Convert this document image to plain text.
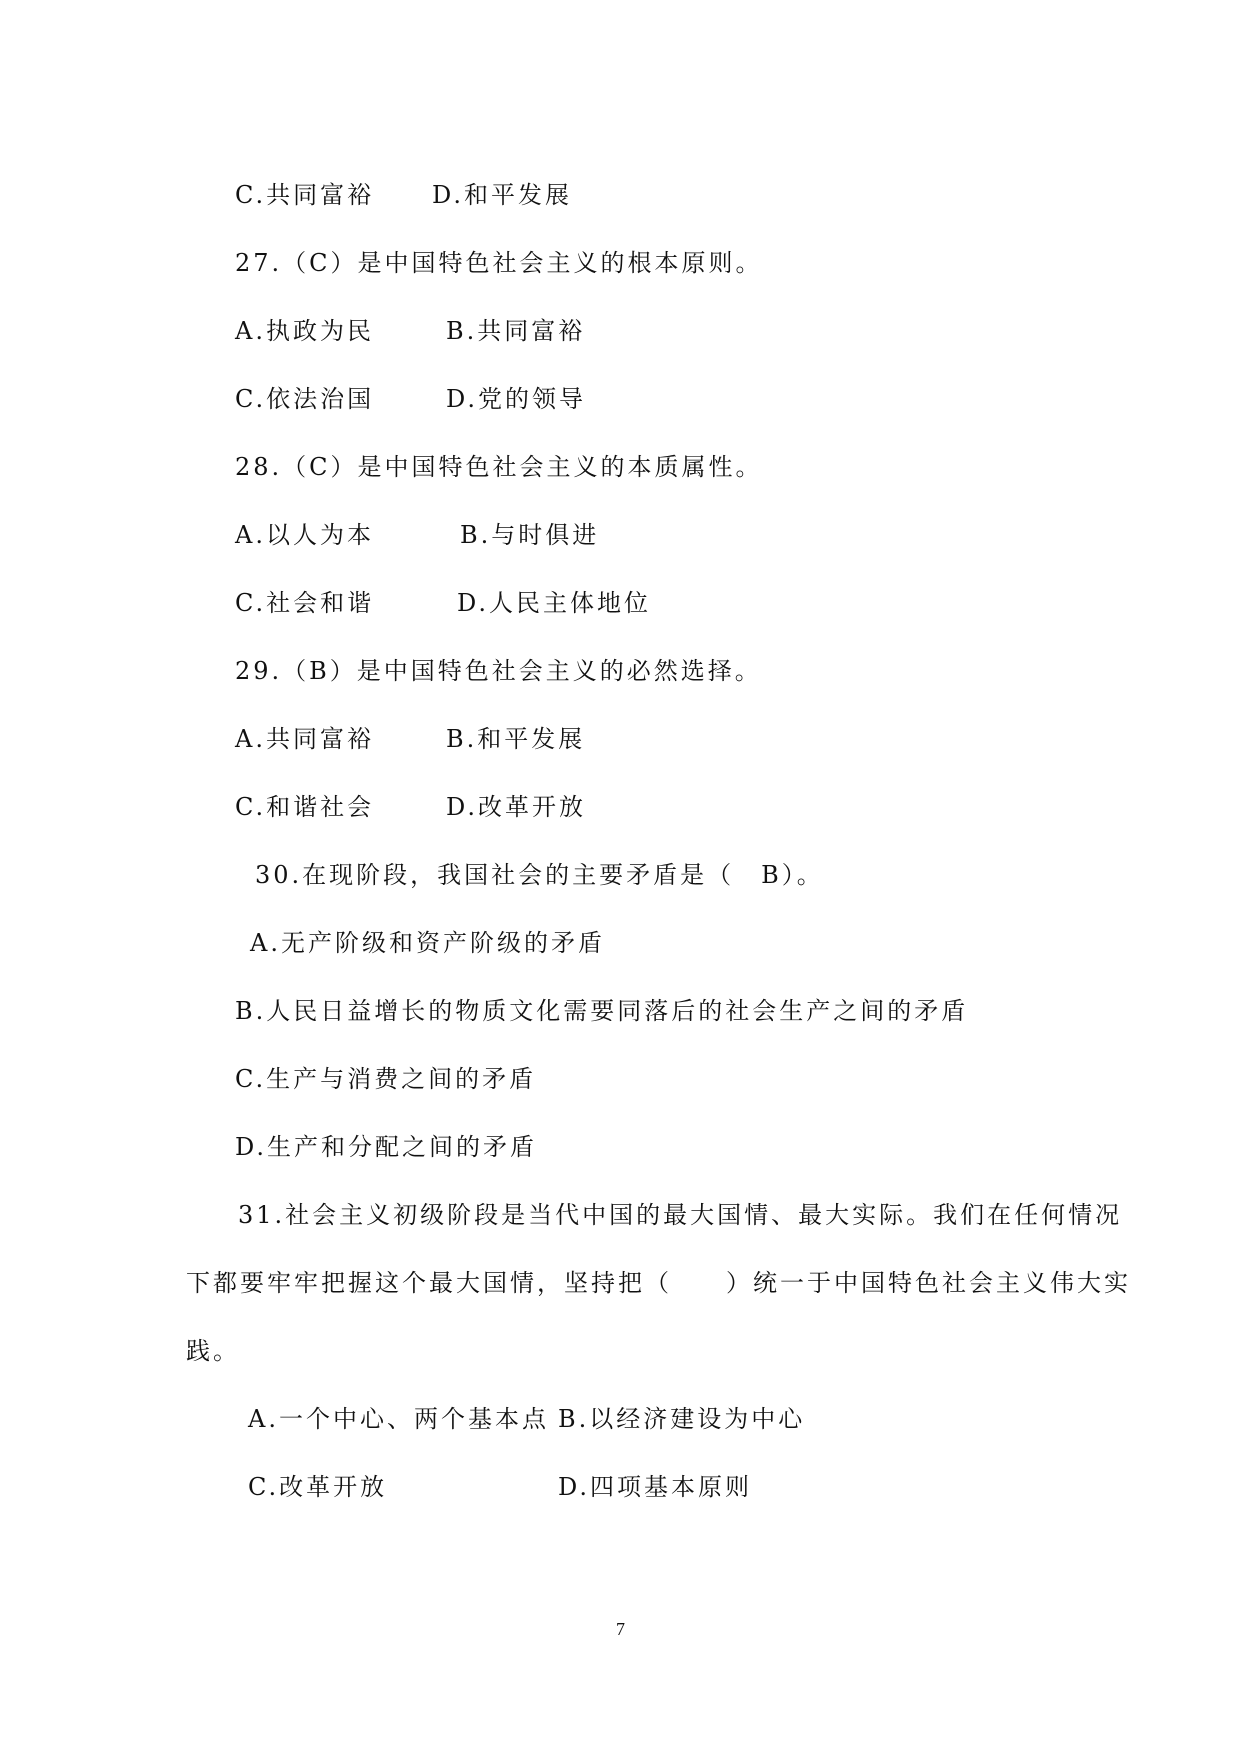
C.共同富裕 D.和平发展
27.（C）是中国特色社会主义的根本原则。
A.执政为民	B.共同富裕
C.依法治国	D.党的领导
28.（C）是中国特色社会主义的本质属性。
A.以人为本	B.与时俱进
C.社会和谐	D.人民主体地位
29.（B）是中国特色社会主义的必然选择。
A.共同富裕	B.和平发展
C.和谐社会	D.改革开放
30.在现阶段，我国社会的主要矛盾是（　B）。
A.无产阶级和资产阶级的矛盾
B.人民日益增长的物质文化需要同落后的社会生产之间的矛盾
C.生产与消费之间的矛盾
D.生产和分配之间的矛盾
31.社会主义初级阶段是当代中国的最大国情、最大实际。我们在任何情况
下都要牢牢把握这个最大国情，坚持把（　　）统一于中国特色社会主义伟大实
践。
A.一个中心、两个基本点 B.以经济建设为中心
C.改革开放	D.四项基本原则
7
